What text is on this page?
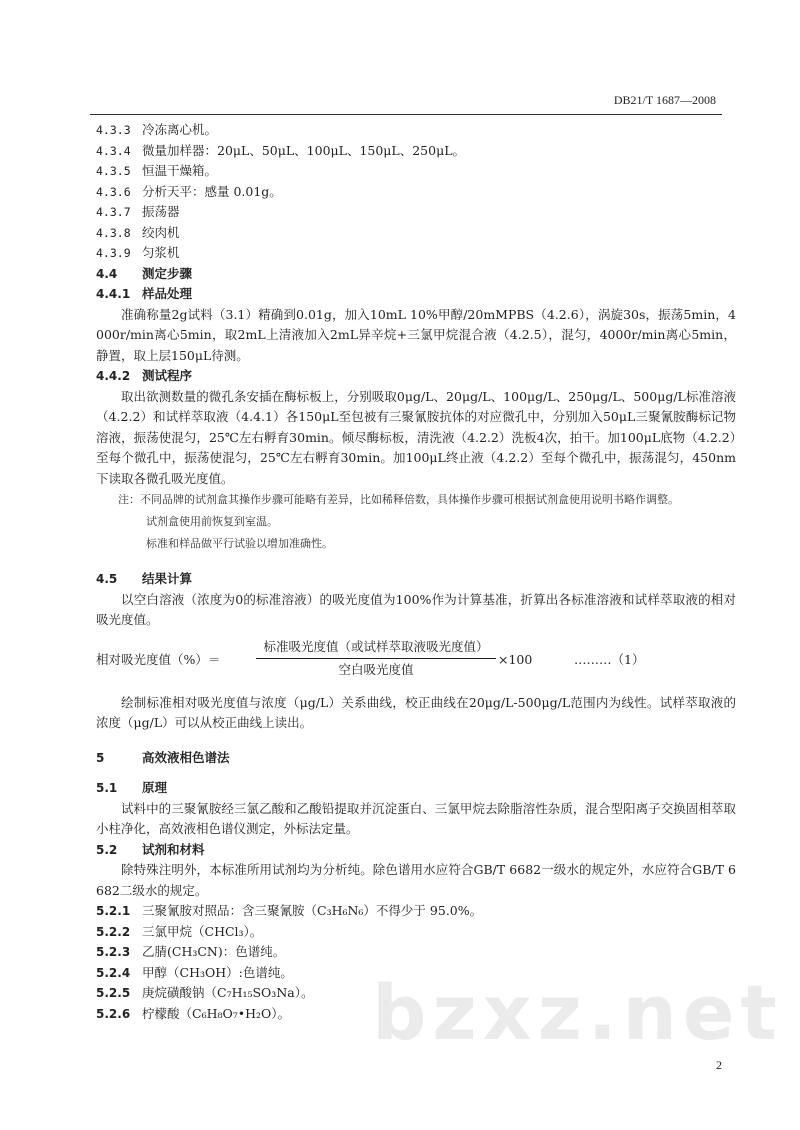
DB21/T 1687—2008
4.3.3 冷冻离心机。
4.3.4 微量加样器：20μL、50μL、100μL、150μL、250μL。
4.3.5 恒温干燥箱。
4.3.6 分析天平：感量 0.01g。
4.3.7 振荡器
4.3.8 绞肉机
4.3.9 匀浆机
4.4 测定步骤
4.4.1 样品处理
准确称量2g试料（3.1）精确到0.01g，加入10mL 10%甲醇/20mMPBS（4.2.6），涡旋30s，振荡5min，4000r/min离心5min，取2mL上清液加入2mL异辛烷+三氯甲烷混合液（4.2.5），混匀，4000r/min离心5min，静置，取上层150μL待测。
4.4.2 测试程序
取出欲测数量的微孔条安插在酶标板上，分别吸取0μg/L、20μg/L、100μg/L、250μg/L、500μg/L标准溶液（4.2.2）和试样萃取液（4.4.1）各150μL至包被有三聚氰胺抗体的对应微孔中，分别加入50μL三聚氰胺酶标记物溶液，振荡使混匀，25℃左右孵育30min。倾尽酶标板，清洗液（4.2.2）洗板4次，拍干。加100μL底物（4.2.2）至每个微孔中，振荡使混匀，25℃左右孵育30min。加100μL终止液（4.2.2）至每个微孔中，振荡混匀，450nm下读取各微孔吸光度值。
注：不同品牌的试剂盒其操作步骤可能略有差异，比如稀释倍数，具体操作步骤可根据试剂盒使用说明书略作调整。
试剂盒使用前恢复到室温。
标准和样品做平行试验以增加准确性。
4.5 结果计算
以空白溶液（浓度为0的标准溶液）的吸光度值为100%作为计算基准，折算出各标准溶液和试样萃取液的相对吸光度值。
相对吸光度值（%）＝
标准吸光度值（或试样萃取液吸光度值）
空白吸光度值
×100	………（1）
绘制标准相对吸光度值与浓度（μg/L）关系曲线，校正曲线在20μg/L-500μg/L范围内为线性。试样萃取液的浓度（μg/L）可以从校正曲线上读出。
5	高效液相色谱法
5.1 原理
试料中的三聚氰胺经三氯乙酸和乙酸铅提取并沉淀蛋白、三氯甲烷去除脂溶性杂质，混合型阳离子交换固相萃取小柱净化，高效液相色谱仪测定，外标法定量。
5.2 试剂和材料
除特殊注明外，本标准所用试剂均为分析纯。除色谱用水应符合GB/T 6682一级水的规定外，水应符合GB/T 6682二级水的规定。
5.2.1 三聚氰胺对照品：含三聚氰胺（C₃H₆N₆）不得少于 95.0%。
5.2.2 三氯甲烷（CHCl₃）。
5.2.3 乙腈(CH₃CN)：色谱纯。
5.2.4 甲醇（CH₃OH）:色谱纯。
5.2.5 庚烷磺酸钠（C₇H₁₅SO₃Na）。
5.2.6 柠檬酸（C₆H₈O₇•H₂O）。	bzxz.net
2
